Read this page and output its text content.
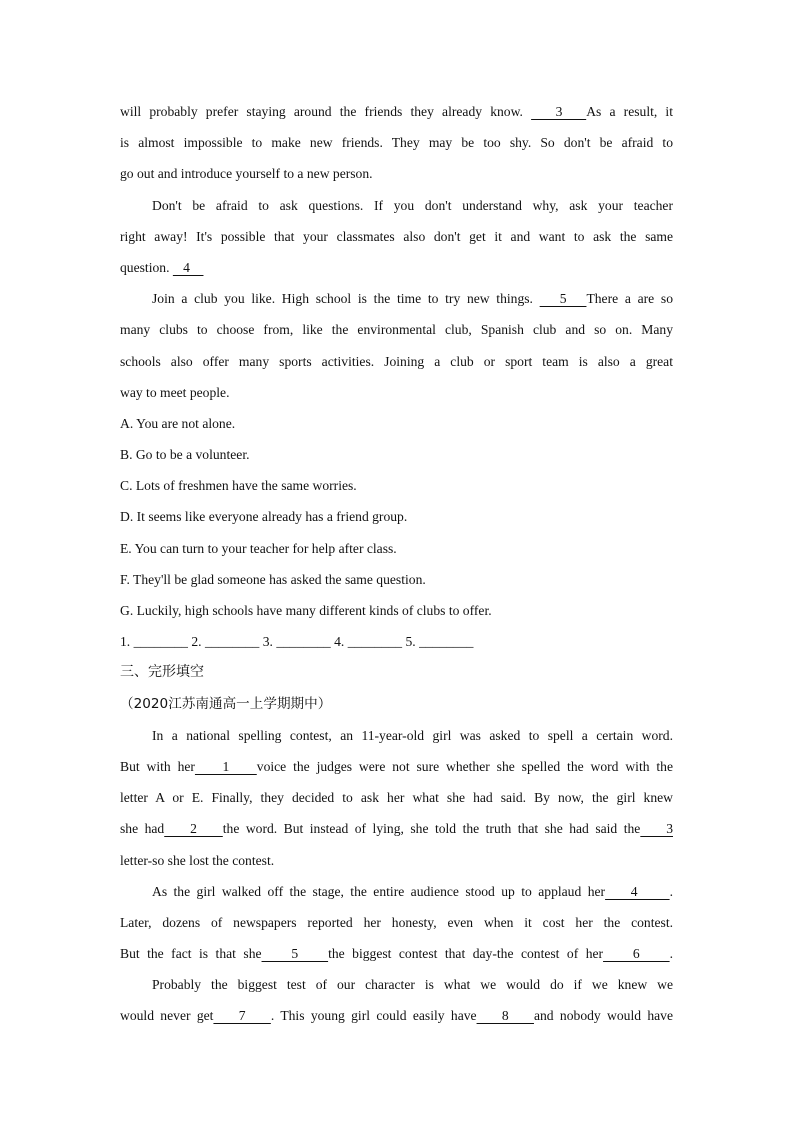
will probably prefer staying around the friends they already know.    3   As a result, it
is almost impossible to make new friends. They may be too shy. So don't be afraid to
go out and introduce yourself to a new person.
Don't be afraid to ask questions. If you don't understand why, ask your teacher
right away! It's possible that your classmates also don't get it and want to ask the same
question.    4
Join a club you like. High school is the time to try new things.    5   There a are so
many clubs to choose from, like the environmental club, Spanish club and so on. Many
schools also offer many sports activities. Joining a club or sport team is also a great
way to meet people.
A. You are not alone.
B. Go to be a volunteer.
C. Lots of freshmen have the same worries.
D. It seems like everyone already has a friend group.
E. You can turn to your teacher for help after class.
F. They'll be glad someone has asked the same question.
G. Luckily, high schools have many different kinds of clubs to offer.
1. ________ 2. ________ 3. ________ 4. ________ 5. ________
三、完形填空
（2020江苏南通高一上学期期中）
In a national spelling contest, an 11-year-old girl was asked to spell a certain word.
But with her    1    voice the judges were not sure whether she spelled the word with the
letter A or E. Finally, they decided to ask her what she had said. By now, the girl knew
she had    2    the word. But instead of lying, she told the truth that she had said the    3
letter-so she lost the contest.
As the girl walked off the stage, the entire audience stood up to applaud her    4     .
Later, dozens of newspapers reported her honesty, even when it cost her the contest.
But the fact is that she    5    the biggest contest that day-the contest of her    6    .
Probably the biggest test of our character is what we would do if we knew we
would never get    7    . This young girl could easily have    8    and nobody would have
